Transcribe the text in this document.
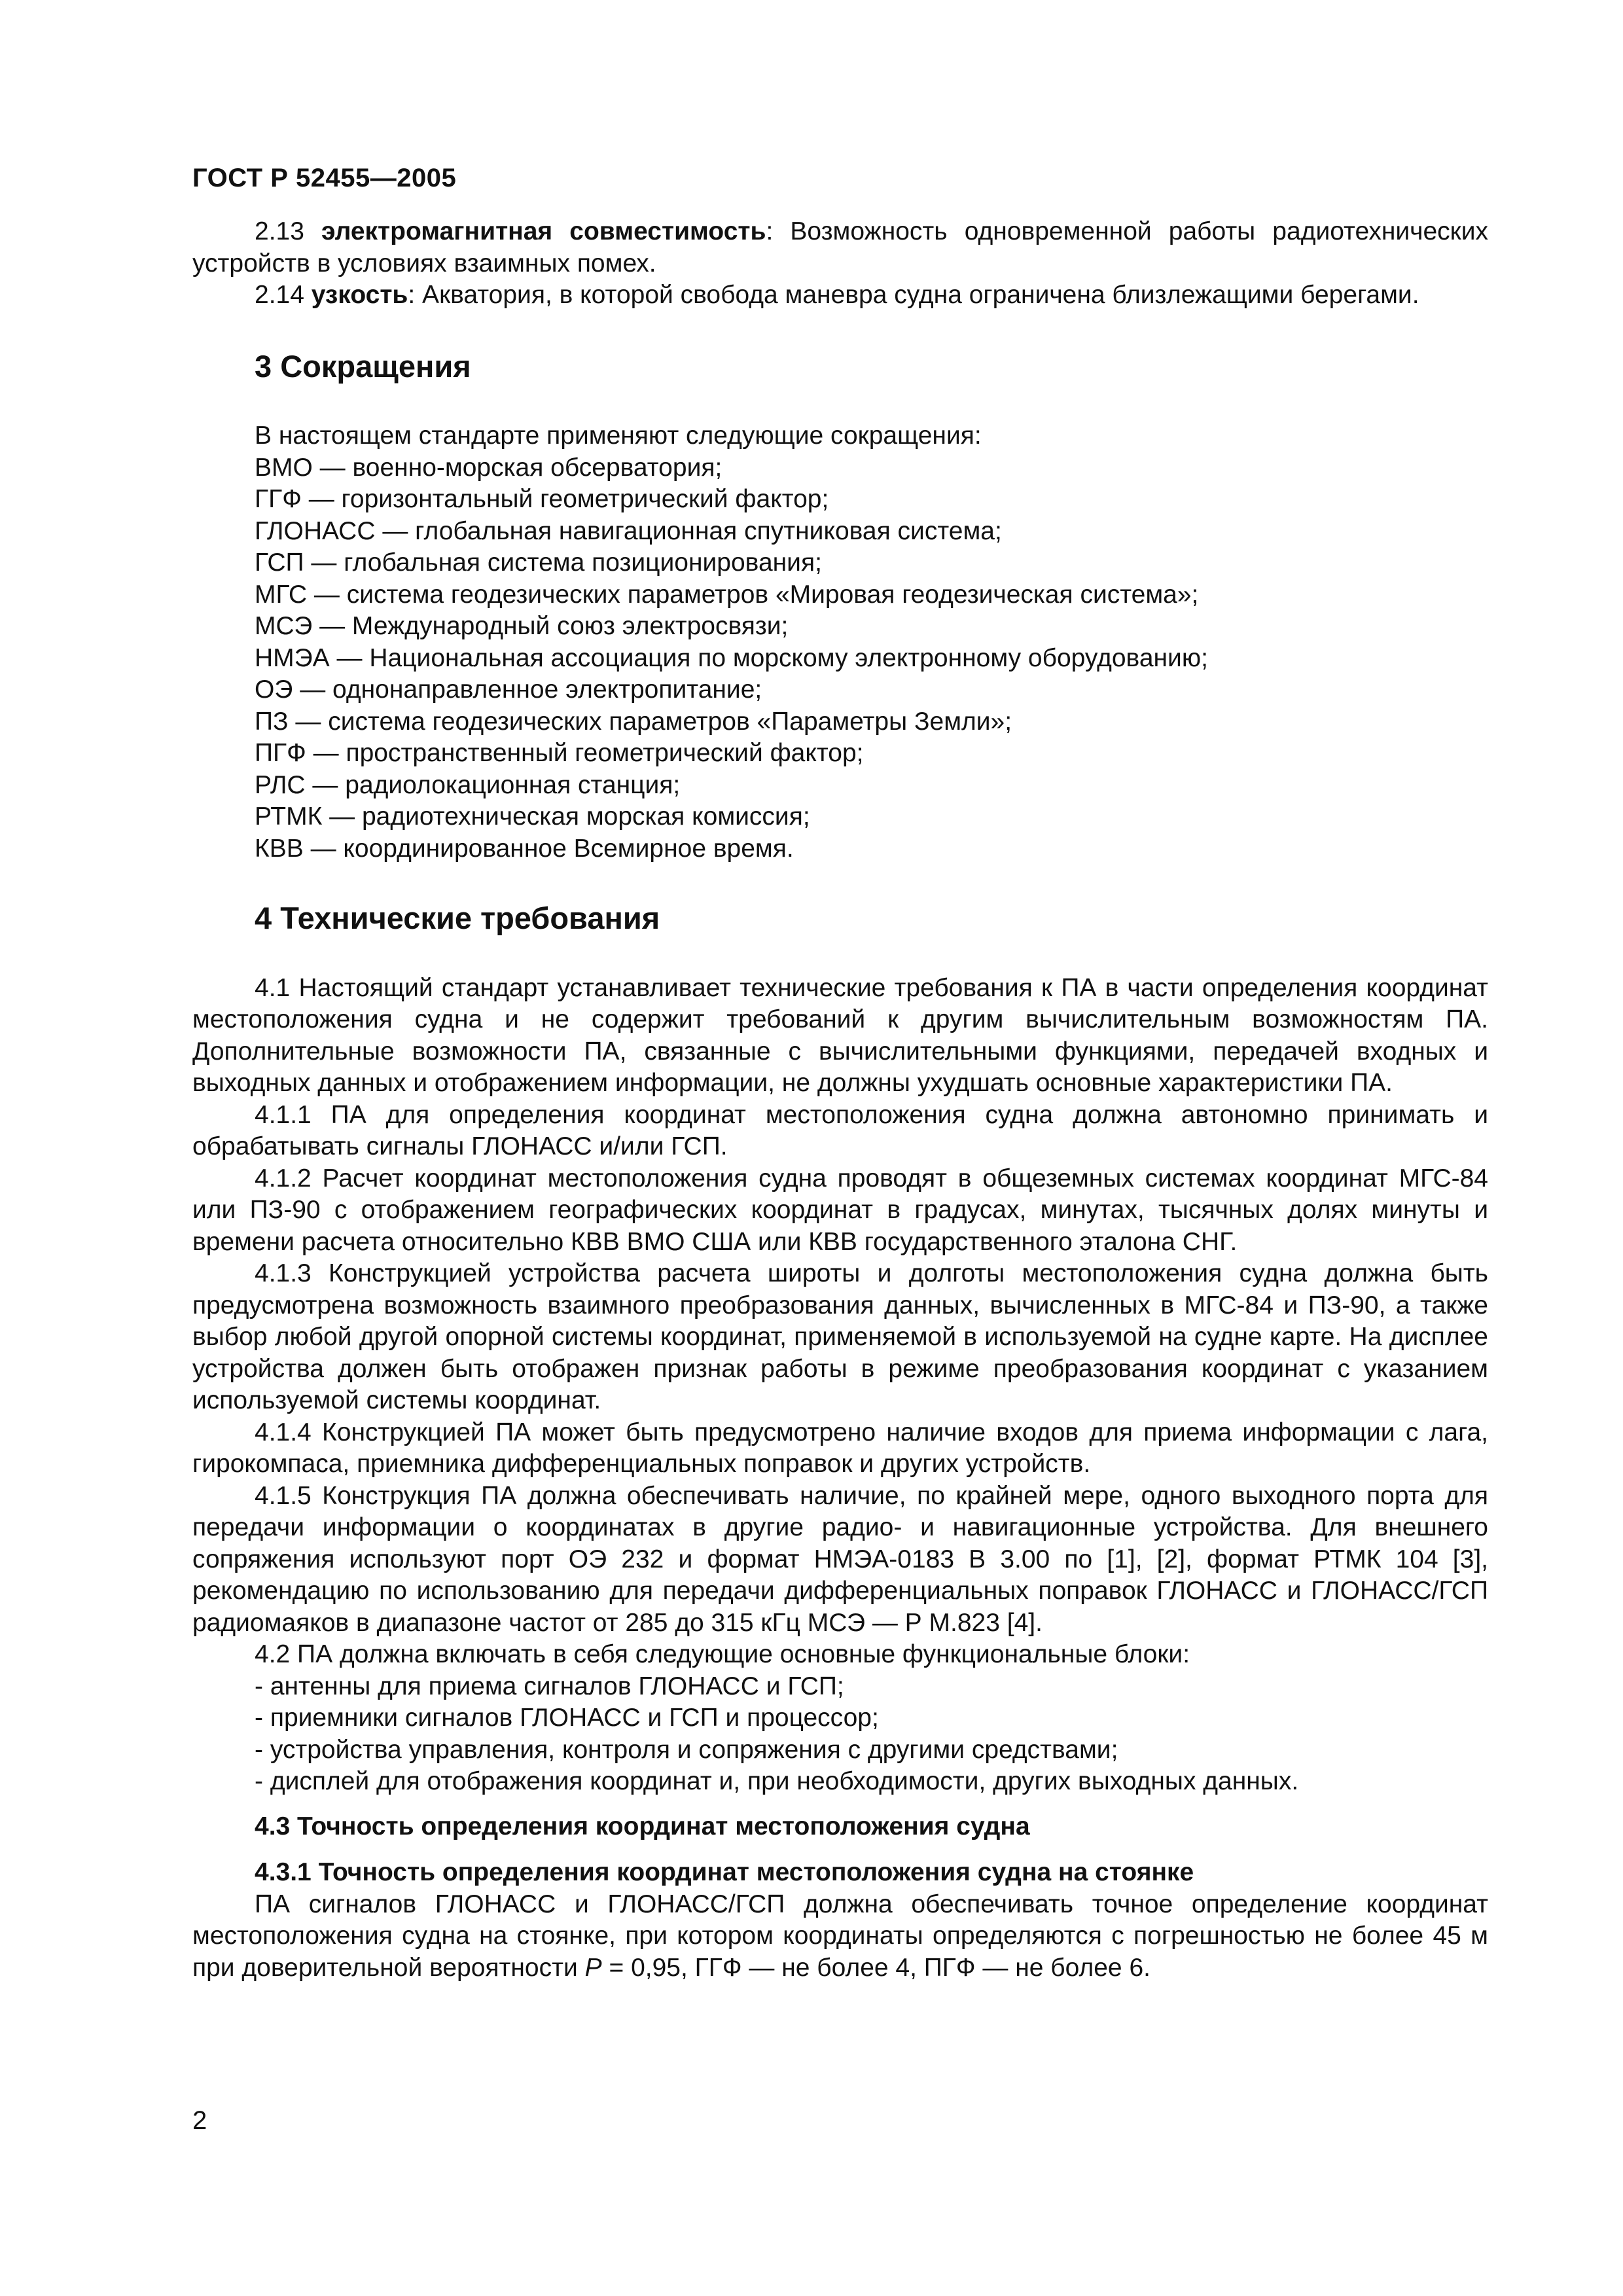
ГОСТ Р 52455—2005

2.13 электромагнитная совместимость: Возможность одновременной работы радиотехнических устройств в условиях взаимных помех.

2.14 узкость: Акватория, в которой свобода маневра судна ограничена близлежащими берегами.

3 Сокращения

В настоящем стандарте применяют следующие сокращения:

ВМО — военно-морская обсерватория;

ГГФ — горизонтальный геометрический фактор;

ГЛОНАСС — глобальная навигационная спутниковая система;

ГСП — глобальная система позиционирования;

МГС — система геодезических параметров «Мировая геодезическая система»;

МСЭ — Международный союз электросвязи;

НМЭА — Национальная ассоциация по морскому электронному оборудованию;

ОЭ — однонаправленное электропитание;

ПЗ — система геодезических параметров «Параметры Земли»;

ПГФ — пространственный геометрический фактор;

РЛС — радиолокационная станция;

РТМК — радиотехническая морская комиссия;

КВВ — координированное Всемирное время.

4 Технические требования

4.1 Настоящий стандарт устанавливает технические требования к ПА в части определения координат местоположения судна и не содержит требований к другим вычислительным возможностям ПА. Дополнительные возможности ПА, связанные с вычислительными функциями, передачей входных и выходных данных и отображением информации, не должны ухудшать основные характеристики ПА.

4.1.1 ПА для определения координат местоположения судна должна автономно принимать и обрабатывать сигналы ГЛОНАСС и/или ГСП.

4.1.2 Расчет координат местоположения судна проводят в общеземных системах координат МГС-84 или ПЗ-90 с отображением географических координат в градусах, минутах, тысячных долях минуты и времени расчета относительно КВВ ВМО США или КВВ государственного эталона СНГ.

4.1.3 Конструкцией устройства расчета широты и долготы местоположения судна должна быть предусмотрена возможность взаимного преобразования данных, вычисленных в МГС-84 и ПЗ-90, а также выбор любой другой опорной системы координат, применяемой в используемой на судне карте. На дисплее устройства должен быть отображен признак работы в режиме преобразования координат с указанием используемой системы координат.

4.1.4 Конструкцией ПА может быть предусмотрено наличие входов для приема информации с лага, гирокомпаса, приемника дифференциальных поправок и других устройств.

4.1.5 Конструкция ПА должна обеспечивать наличие, по крайней мере, одного выходного порта для передачи информации о координатах в другие радио- и навигационные устройства. Для внешнего сопряжения используют порт ОЭ 232 и формат НМЭА-0183 В 3.00 по [1], [2], формат РТМК 104 [3], рекомендацию по использованию для передачи дифференциальных поправок ГЛОНАСС и ГЛОНАСС/ГСП радиомаяков в диапазоне частот от 285 до 315 кГц МСЭ — Р М.823 [4].

4.2 ПА должна включать в себя следующие основные функциональные блоки:

- антенны для приема сигналов ГЛОНАСС и ГСП;

- приемники сигналов ГЛОНАСС и ГСП и процессор;

- устройства управления, контроля и сопряжения с другими средствами;

- дисплей для отображения координат и, при необходимости, других выходных данных.

4.3 Точность определения координат местоположения судна
4.3.1 Точность определения координат местоположения судна на стоянке

ПА сигналов ГЛОНАСС и ГЛОНАСС/ГСП должна обеспечивать точное определение координат местоположения судна на стоянке, при котором координаты определяются с погрешностью не более 45 м при доверительной вероятности P = 0,95, ГГФ — не более 4, ПГФ — не более 6.

2
